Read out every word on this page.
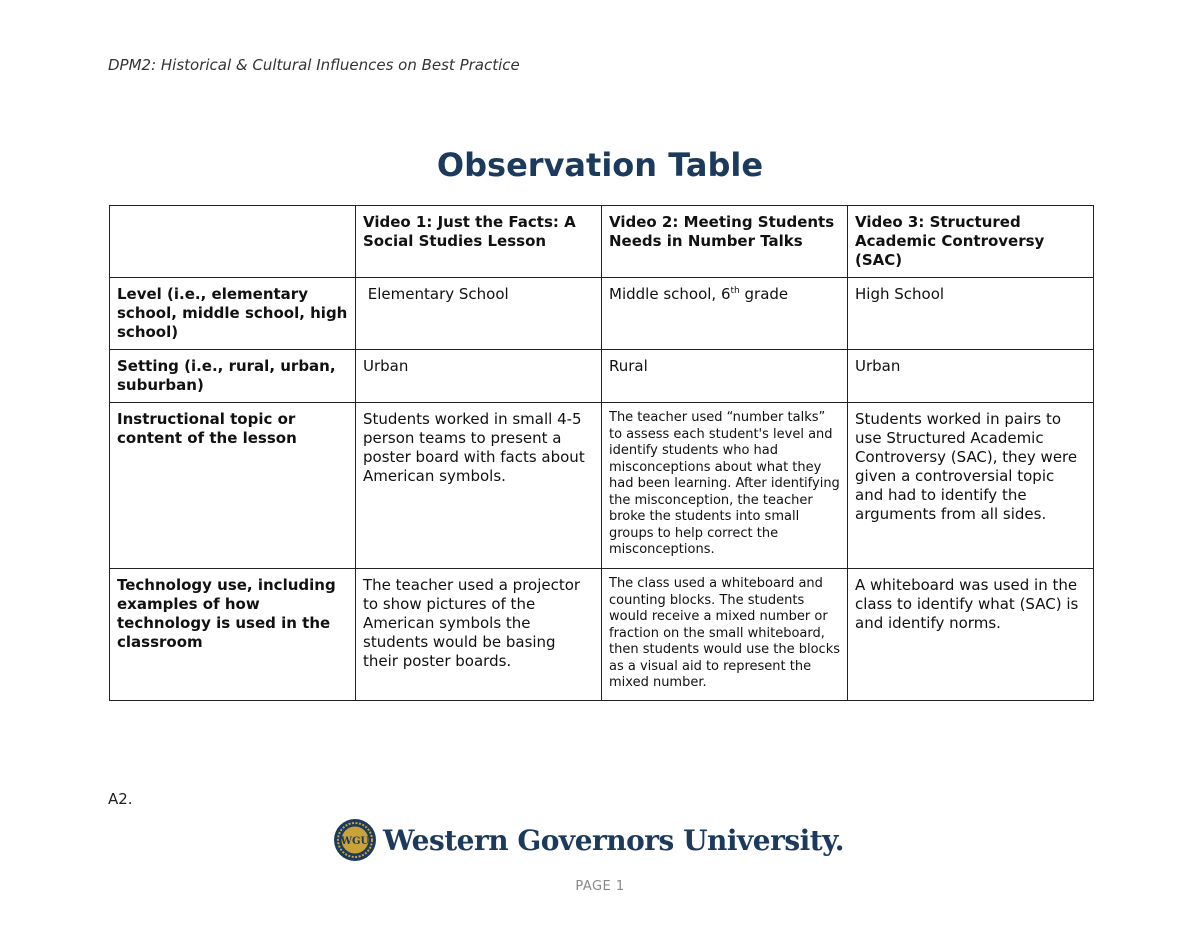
DPM2: Historical & Cultural Influences on Best Practice
Observation Table
	Video 1: Just the Facts: A Social Studies Lesson	Video 2: Meeting Students Needs in Number Talks	Video 3: Structured Academic Controversy (SAC)
Level (i.e., elementary school, middle school, high school)	Elementary School	Middle school, 6th grade	High School
Setting (i.e., rural, urban, suburban)	Urban	Rural	Urban
Instructional topic or content of the lesson	Students worked in small 4-5 person teams to present a poster board with facts about American symbols.	The teacher used “number talks” to assess each student's level and identify students who had misconceptions about what they had been learning. After identifying the misconception, the teacher broke the students into small groups to help correct the misconceptions.	Students worked in pairs to use Structured Academic Controversy (SAC), they were given a controversial topic and had to identify the arguments from all sides.
Technology use, including examples of how technology is used in the classroom	The teacher used a projector to show pictures of the American symbols the students would be basing their poster boards.	The class used a whiteboard and counting blocks. The students would receive a mixed number or fraction on the small whiteboard, then students would use the blocks as a visual aid to represent the mixed number.	A whiteboard was used in the class to identify what (SAC) is and identify norms.
A2.
WGU Western Governors University.
PAGE 1
